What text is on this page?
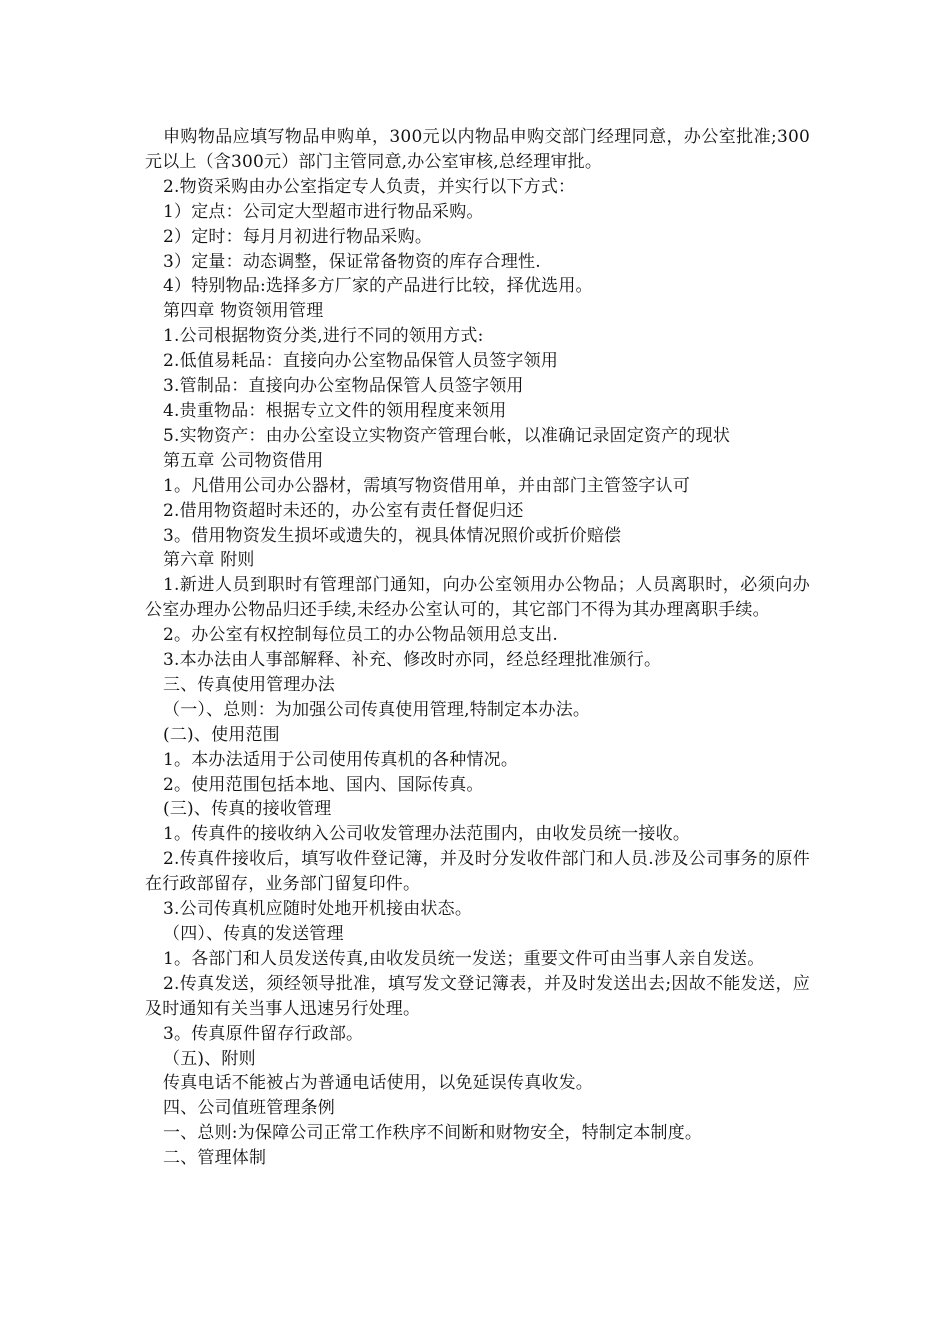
申购物品应填写物品申购单，300元以内物品申购交部门经理同意，办公室批准;300元以上（含300元）部门主管同意,办公室审核,总经理审批。

2.物资采购由办公室指定专人负责，并实行以下方式：

1）定点：公司定大型超市进行物品采购。

2）定时：每月月初进行物品采购。

3）定量：动态调整，保证常备物资的库存合理性.

4）特别物品:选择多方厂家的产品进行比较，择优选用。

第四章 物资领用管理

1.公司根据物资分类,进行不同的领用方式:

2.低值易耗品：直接向办公室物品保管人员签字领用

3.管制品：直接向办公室物品保管人员签字领用

4.贵重物品：根据专立文件的领用程度来领用

5.实物资产：由办公室设立实物资产管理台帐，以准确记录固定资产的现状

第五章 公司物资借用

1。凡借用公司办公器材，需填写物资借用单，并由部门主管签字认可

2.借用物资超时未还的，办公室有责任督促归还

3。借用物资发生损坏或遗失的，视具体情况照价或折价赔偿

第六章 附则

1.新进人员到职时有管理部门通知，向办公室领用办公物品；人员离职时，必须向办公室办理办公物品归还手续,未经办公室认可的，其它部门不得为其办理离职手续。

2。办公室有权控制每位员工的办公物品领用总支出.

3.本办法由人事部解释、补充、修改时亦同，经总经理批准颁行。

三、传真使用管理办法

（一）、总则：为加强公司传真使用管理,特制定本办法。

(二)、使用范围

1。本办法适用于公司使用传真机的各种情况。

2。使用范围包括本地、国内、国际传真。

(三)、传真的接收管理

1。传真件的接收纳入公司收发管理办法范围内，由收发员统一接收。

2.传真件接收后，填写收件登记簿，并及时分发收件部门和人员.涉及公司事务的原件在行政部留存，业务部门留复印件。

3.公司传真机应随时处地开机接由状态。

（四）、传真的发送管理

1。各部门和人员发送传真,由收发员统一发送；重要文件可由当事人亲自发送。

2.传真发送，须经领导批准，填写发文登记簿表，并及时发送出去;因故不能发送，应及时通知有关当事人迅速另行处理。

3。传真原件留存行政部。

（五)、附则

传真电话不能被占为普通电话使用，以免延误传真收发。

四、公司值班管理条例

一、总则:为保障公司正常工作秩序不间断和财物安全，特制定本制度。

二、管理体制
